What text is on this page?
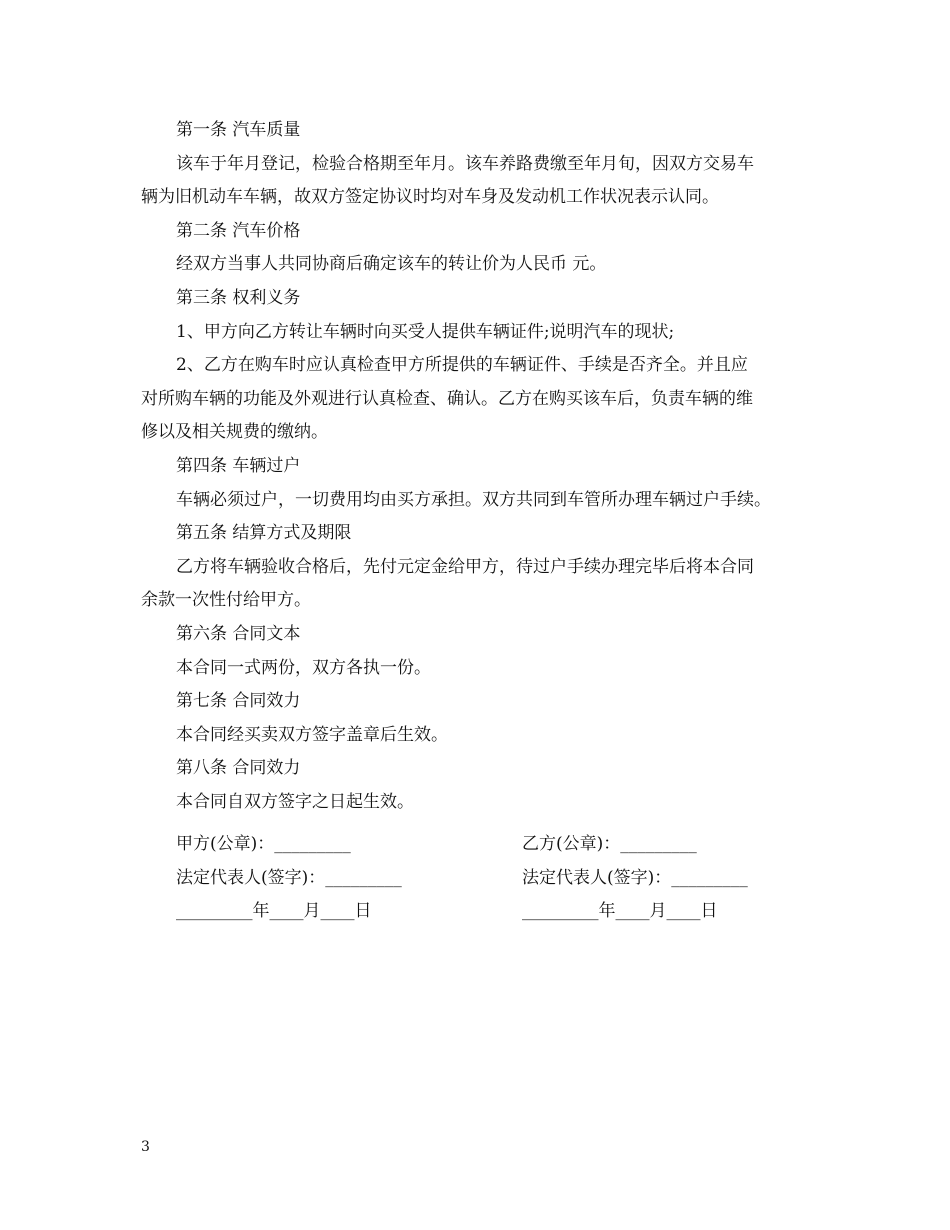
第一条 汽车质量

该车于年月登记，检验合格期至年月。该车养路费缴至年月旬，因双方交易车

辆为旧机动车车辆，故双方签定协议时均对车身及发动机工作状况表示认同。

第二条 汽车价格

经双方当事人共同协商后确定该车的转让价为人民币 元。

第三条 权利义务

1、甲方向乙方转让车辆时向买受人提供车辆证件;说明汽车的现状;

2、乙方在购车时应认真检查甲方所提供的车辆证件、手续是否齐全。并且应

对所购车辆的功能及外观进行认真检查、确认。乙方在购买该车后，负责车辆的维

修以及相关规费的缴纳。

第四条 车辆过户

车辆必须过户，一切费用均由买方承担。双方共同到车管所办理车辆过户手续。

第五条 结算方式及期限

乙方将车辆验收合格后，先付元定金给甲方，待过户手续办理完毕后将本合同

余款一次性付给甲方。

第六条 合同文本

本合同一式两份，双方各执一份。

第七条 合同效力

本合同经买卖双方签字盖章后生效。

第八条 合同效力

本合同自双方签字之日起生效。

甲方(公章)：_________	乙方(公章)：_________
法定代表人(签字)：_________	法定代表人(签字)：_________
_________年____月____日	_________年____月____日
3
